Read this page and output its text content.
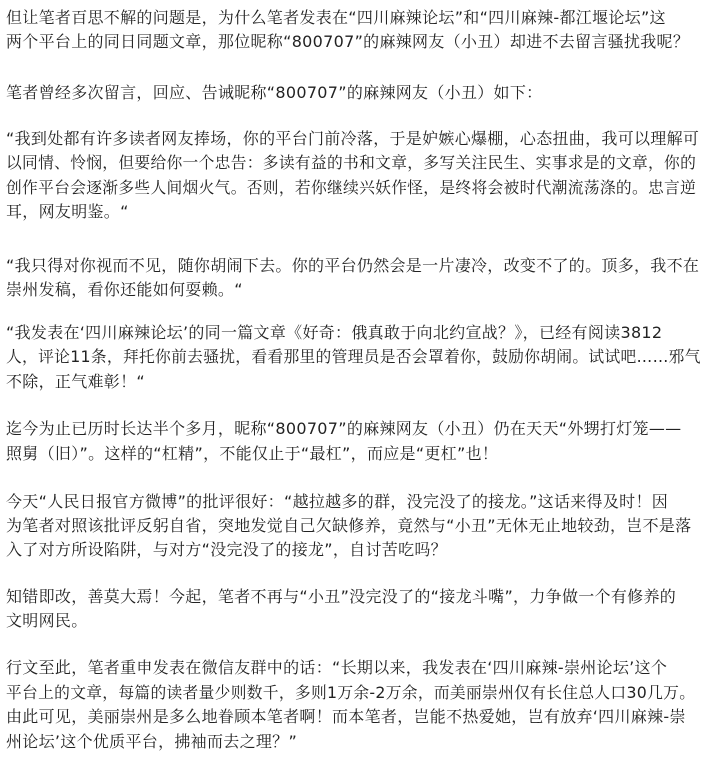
但让笔者百思不解的问题是，为什么笔者发表在“四川麻辣论坛”和“四川麻辣-都江堰论坛”这
两个平台上的同日同题文章，那位昵称“800707”的麻辣网友（小丑）却进不去留言骚扰我呢？
笔者曾经多次留言，回应、告诫昵称“800707”的麻辣网友（小丑）如下：
“我到处都有许多读者网友捧场，你的平台门前冷落，于是妒嫉心爆棚，心态扭曲，我可以理解可
以同情、怜悯，但要给你一个忠告：多读有益的书和文章，多写关注民生、实事求是的文章，你的
创作平台会逐渐多些人间烟火气。否则，若你继续兴妖作怪，是终将会被时代潮流荡涤的。忠言逆
耳，网友明鉴。“
“我只得对你视而不见，随你胡闹下去。你的平台仍然会是一片凄冷，改变不了的。顶多，我不在
崇州发稿，看你还能如何耍赖。“
“我发表在‘四川麻辣论坛’的同一篇文章《好奇：俄真敢于向北约宣战？》，已经有阅读3812
人，评论11条，拜托你前去骚扰，看看那里的管理员是否会罩着你，鼓励你胡闹。试试吧……邪气
不除，正气难彰！“
迄今为止已历时长达半个多月，昵称“800707”的麻辣网友（小丑）仍在天天“外甥打灯笼——
照舅（旧）”。这样的“杠精”，不能仅止于“最杠”，而应是“更杠”也！
今天“人民日报官方微博”的批评很好：“越拉越多的群，没完没了的接龙。”这话来得及时！因
为笔者对照该批评反躬自省，突地发觉自己欠缺修养，竟然与“小丑”无休无止地较劲，岂不是落
入了对方所设陷阱，与对方“没完没了的接龙”，自讨苦吃吗？
知错即改，善莫大焉！今起，笔者不再与“小丑”没完没了的“接龙斗嘴”，力争做一个有修养的
文明网民。
行文至此，笔者重申发表在微信友群中的话：“长期以来，我发表在‘四川麻辣-崇州论坛’这个
平台上的文章，每篇的读者量少则数千，多则1万余-2万余，而美丽崇州仅有长住总人口30几万。
由此可见，美丽崇州是多么地眷顾本笔者啊！而本笔者，岂能不热爱她，岂有放弃‘四川麻辣-崇
州论坛’这个优质平台，拂袖而去之理？”
